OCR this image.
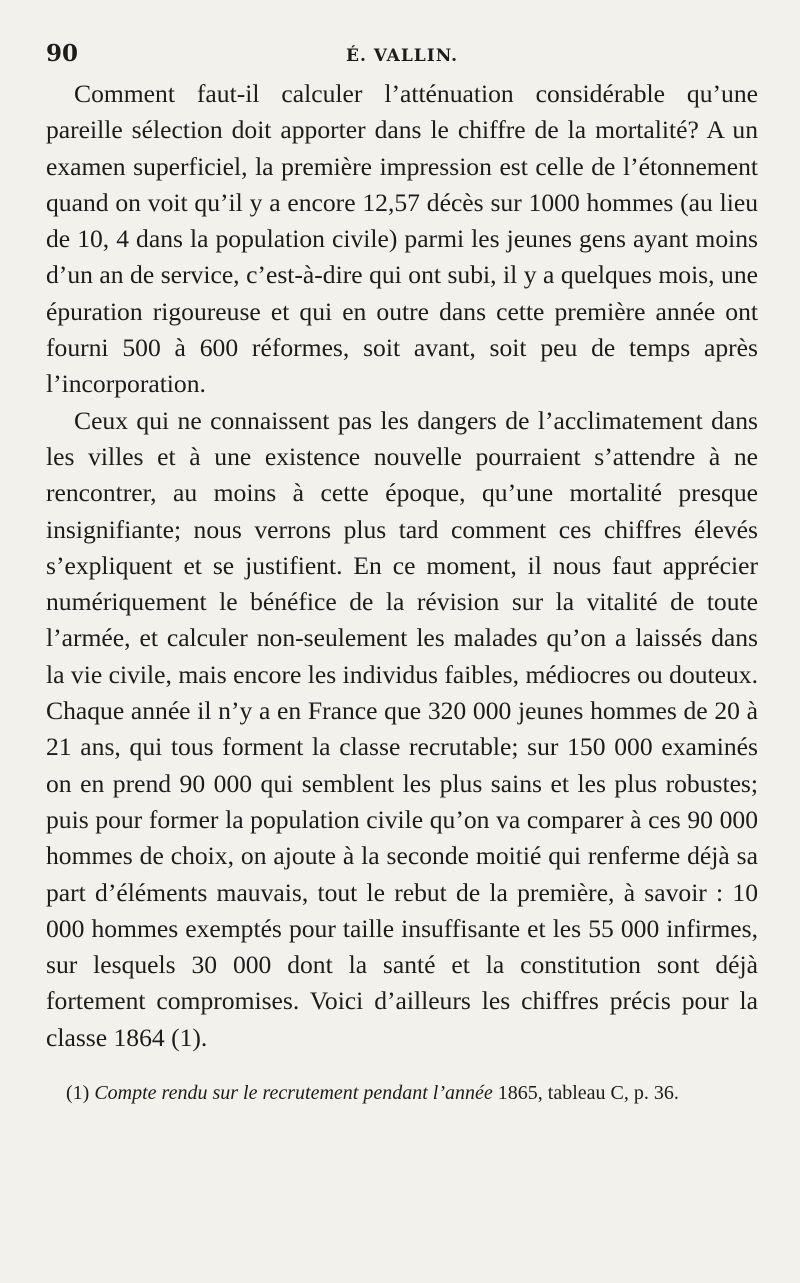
90	É. VALLIN.

Comment faut-il calculer l’atténuation considérable qu’une pareille sélection doit apporter dans le chiffre de la mortalité? A un examen superficiel, la première impression est celle de l’étonnement quand on voit qu’il y a encore 12,57 décès sur 1000 hommes (au lieu de 10, 4 dans la population civile) parmi les jeunes gens ayant moins d’un an de service, c’est-à-dire qui ont subi, il y a quelques mois, une épuration rigoureuse et qui en outre dans cette première année ont fourni 500 à 600 réformes, soit avant, soit peu de temps après l’incorporation.

Ceux qui ne connaissent pas les dangers de l’acclimatement dans les villes et à une existence nouvelle pourraient s’attendre à ne rencontrer, au moins à cette époque, qu’une mortalité presque insignifiante; nous verrons plus tard comment ces chiffres élevés s’expliquent et se justifient. En ce moment, il nous faut apprécier numériquement le bénéfice de la révision sur la vitalité de toute l’armée, et calculer non-seulement les malades qu’on a laissés dans la vie civile, mais encore les individus faibles, médiocres ou douteux. Chaque année il n’y a en France que 320 000 jeunes hommes de 20 à 21 ans, qui tous forment la classe recrutable; sur 150 000 examinés on en prend 90 000 qui semblent les plus sains et les plus robustes; puis pour former la population civile qu’on va comparer à ces 90 000 hommes de choix, on ajoute à la seconde moitié qui renferme déjà sa part d’éléments mauvais, tout le rebut de la première, à savoir : 10 000 hommes exemptés pour taille insuffisante et les 55 000 infirmes, sur lesquels 30 000 dont la santé et la constitution sont déjà fortement compromises. Voici d’ailleurs les chiffres précis pour la classe 1864 (1).

(1) Compte rendu sur le recrutement pendant l’année 1865, tableau C, p. 36.
